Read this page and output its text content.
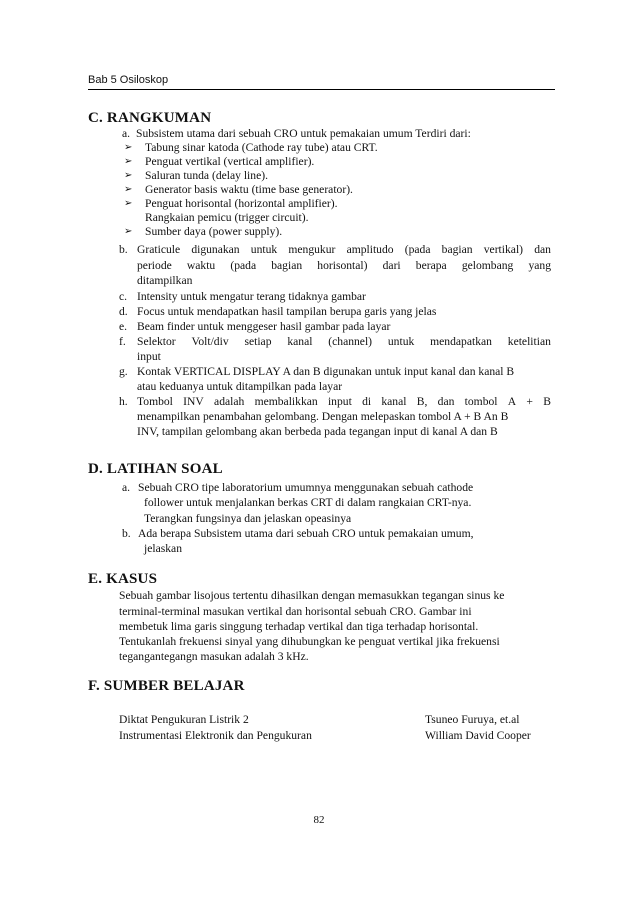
Bab 5 Osiloskop
C. RANGKUMAN
a. Subsistem utama dari sebuah CRO untuk pemakaian umum Terdiri dari:
➢ Tabung sinar katoda (Cathode ray tube) atau CRT.
➢ Penguat vertikal (vertical amplifier).
➢ Saluran tunda (delay line).
➢ Generator basis waktu (time base generator).
➢ Penguat horisontal (horizontal amplifier).
Rangkaian pemicu (trigger circuit).
➢ Sumber daya (power supply).
b. Graticule digunakan untuk mengukur amplitudo (pada bagian vertikal) dan
periode waktu (pada bagian horisontal) dari berapa gelombang yang
ditampilkan
c. Intensity untuk mengatur terang tidaknya gambar
d. Focus untuk mendapatkan hasil tampilan berupa garis yang jelas
e. Beam finder untuk menggeser hasil gambar pada layar
f. Selektor Volt/div setiap kanal (channel) untuk mendapatkan ketelitian
input
g. Kontak VERTICAL DISPLAY A dan B digunakan untuk input kanal dan kanal B
atau keduanya untuk ditampilkan pada layar
h. Tombol INV adalah membalikkan input di kanal B, dan tombol A + B
menampilkan penambahan gelombang. Dengan melepaskan tombol A + B An B
INV, tampilan gelombang akan berbeda pada tegangan input di kanal A dan B
D. LATIHAN SOAL
a. Sebuah CRO tipe laboratorium umumnya menggunakan sebuah cathode
follower untuk menjalankan berkas CRT di dalam rangkaian CRT-nya.
Terangkan fungsinya dan jelaskan opeasinya
b. Ada berapa Subsistem utama dari sebuah CRO untuk pemakaian umum,
jelaskan
E. KASUS
Sebuah gambar lisojous tertentu dihasilkan dengan memasukkan tegangan sinus ke
terminal-terminal masukan vertikal dan horisontal sebuah CRO. Gambar ini
membetuk lima garis singgung terhadap vertikal dan tiga terhadap horisontal.
Tentukanlah frekuensi sinyal yang dihubungkan ke penguat vertikal jika frekuensi
tegangantegangn masukan adalah 3 kHz.
F. SUMBER BELAJAR
Diktat Pengukuran Listrik 2	Tsuneo Furuya, et.al
Instrumentasi Elektronik dan Pengukuran	William David Cooper
82
